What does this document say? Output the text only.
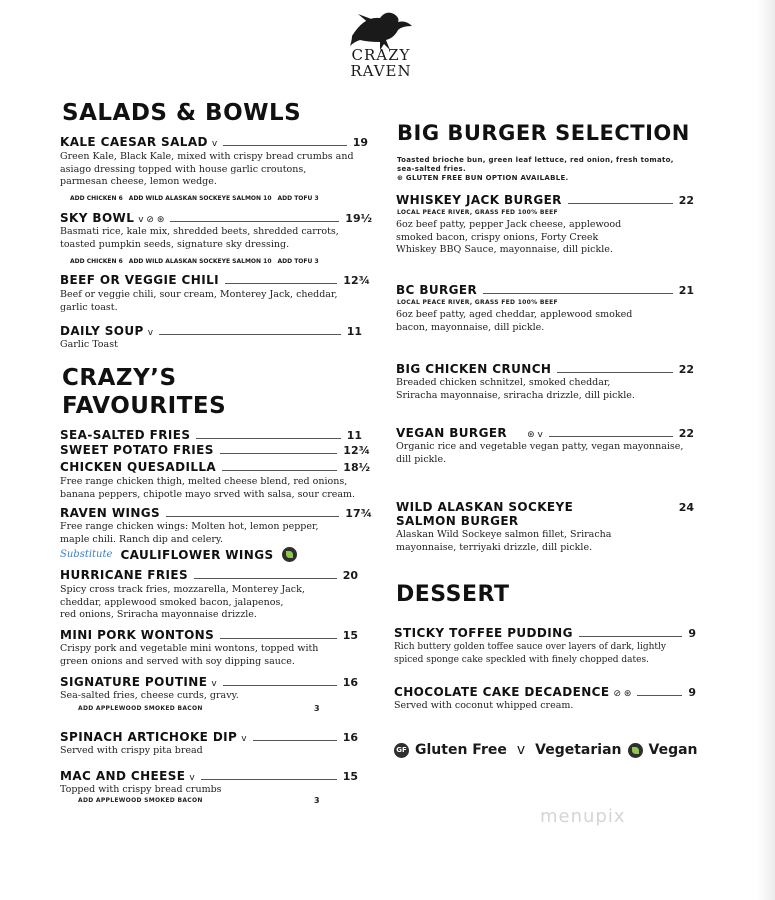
CRAZY
RAVEN
SALADS & BOWLS
KALE CAESAR SALAD v	19
Green Kale, Black Kale, mixed with crispy bread crumbs and
asiago dressing topped with house garlic croutons,
parmesan cheese, lemon wedge.
ADD CHICKEN 6 ADD WILD ALASKAN SOCKEYE SALMON 10 ADD TOFU 3
SKY BOWL v ⊘ ⊛	19½
Basmati rice, kale mix, shredded beets, shredded carrots,
toasted pumpkin seeds, signature sky dressing.
ADD CHICKEN 6 ADD WILD ALASKAN SOCKEYE SALMON 10 ADD TOFU 3
BEEF OR VEGGIE CHILI	12¾
Beef or veggie chili, sour cream, Monterey Jack, cheddar,
garlic toast.
DAILY SOUP v	11
Garlic Toast
CRAZY’S
FAVOURITES
SEA-SALTED FRIES	11
SWEET POTATO FRIES	12¾
CHICKEN QUESADILLA	18½
Free range chicken thigh, melted cheese blend, red onions,
banana peppers, chipotle mayo srved with salsa, sour cream.
RAVEN WINGS	17¾
Free range chicken wings: Molten hot, lemon pepper,
maple chili. Ranch dip and celery.
Substitute CAULIFLOWER WINGS
HURRICANE FRIES	20
Spicy cross track fries, mozzarella, Monterey Jack,
cheddar, applewood smoked bacon, jalapenos,
red onions, Sriracha mayonnaise drizzle.
MINI PORK WONTONS	15
Crispy pork and vegetable mini wontons, topped with
green onions and served with soy dipping sauce.
SIGNATURE POUTINE v	16
Sea-salted fries, cheese curds, gravy.
ADD APPLEWOOD SMOKED BACON	3
SPINACH ARTICHOKE DIP v	16
Served with crispy pita bread
MAC AND CHEESE v	15
Topped with crispy bread crumbs
ADD APPLEWOOD SMOKED BACON	3
BIG BURGER SELECTION
Toasted brioche bun, green leaf lettuce, red onion, fresh tomato,
sea-salted fries.
⊛ GLUTEN FREE BUN OPTION AVAILABLE.
WHISKEY JACK BURGER	22
LOCAL PEACE RIVER, GRASS FED 100% BEEF
6oz beef patty, pepper Jack cheese, applewood
smoked bacon, crispy onions, Forty Creek
Whiskey BBQ Sauce, mayonnaise, dill pickle.
BC BURGER	21
LOCAL PEACE RIVER, GRASS FED 100% BEEF
6oz beef patty, aged cheddar, applewood smoked
bacon, mayonnaise, dill pickle.
BIG CHICKEN CRUNCH	22
Breaded chicken schnitzel, smoked cheddar,
Sriracha mayonnaise, sriracha drizzle, dill pickle.
VEGAN BURGER ⊛ v	22
Organic rice and vegetable vegan patty, vegan mayonnaise,
dill pickle.
WILD ALASKAN SOCKEYE	24
SALMON BURGER
Alaskan Wild Sockeye salmon fillet, Sriracha
mayonnaise, terriyaki drizzle, dill pickle.
DESSERT
STICKY TOFFEE PUDDING	9
Rich buttery golden toffee sauce over layers of dark, lightly
spiced sponge cake speckled with finely chopped dates.
CHOCOLATE CAKE DECADENCE ⊘ ⊛	9
Served with coconut whipped cream.
GF Gluten Free v Vegetarian Vegan
menupix
